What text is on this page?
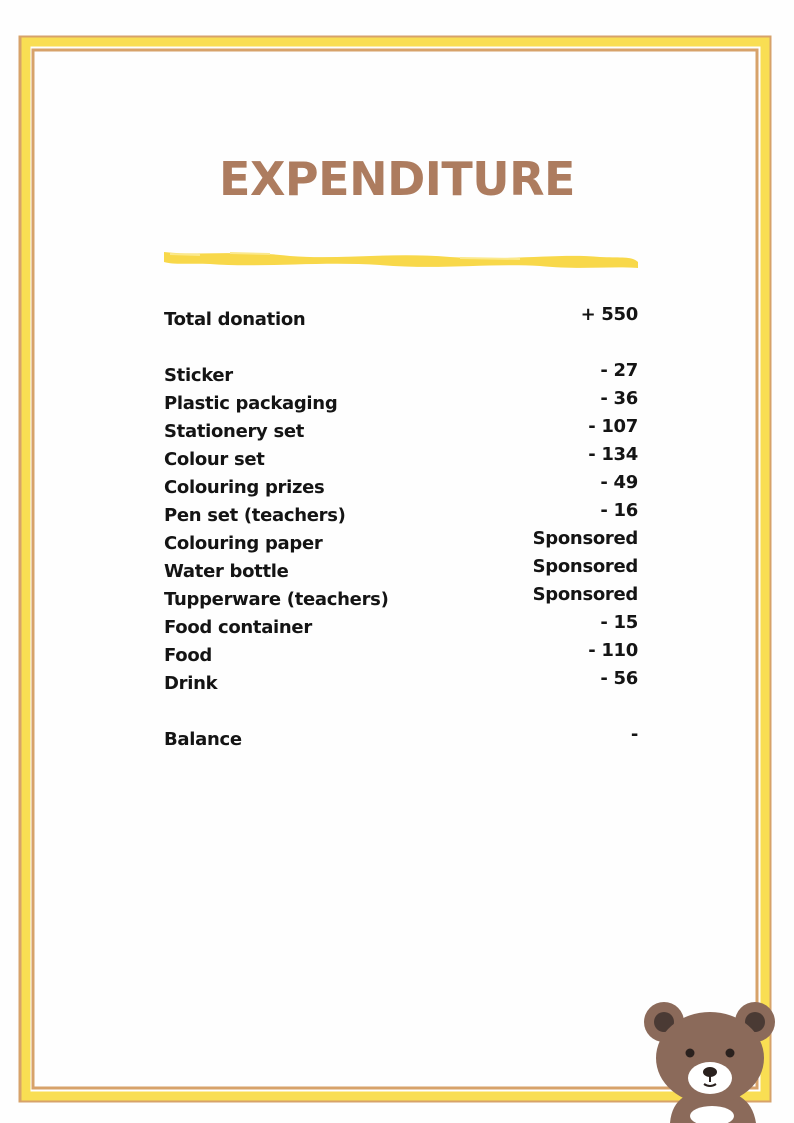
EXPENDITURE
Total donation	+ 550
Sticker	- 27
Plastic packaging	- 36
Stationery set	- 107
Colour set	- 134
Colouring prizes	- 49
Pen set (teachers)	- 16
Colouring paper	Sponsored
Water bottle	Sponsored
Tupperware (teachers)	Sponsored
Food container	- 15
Food	- 110
Drink	- 56
Balance	-
